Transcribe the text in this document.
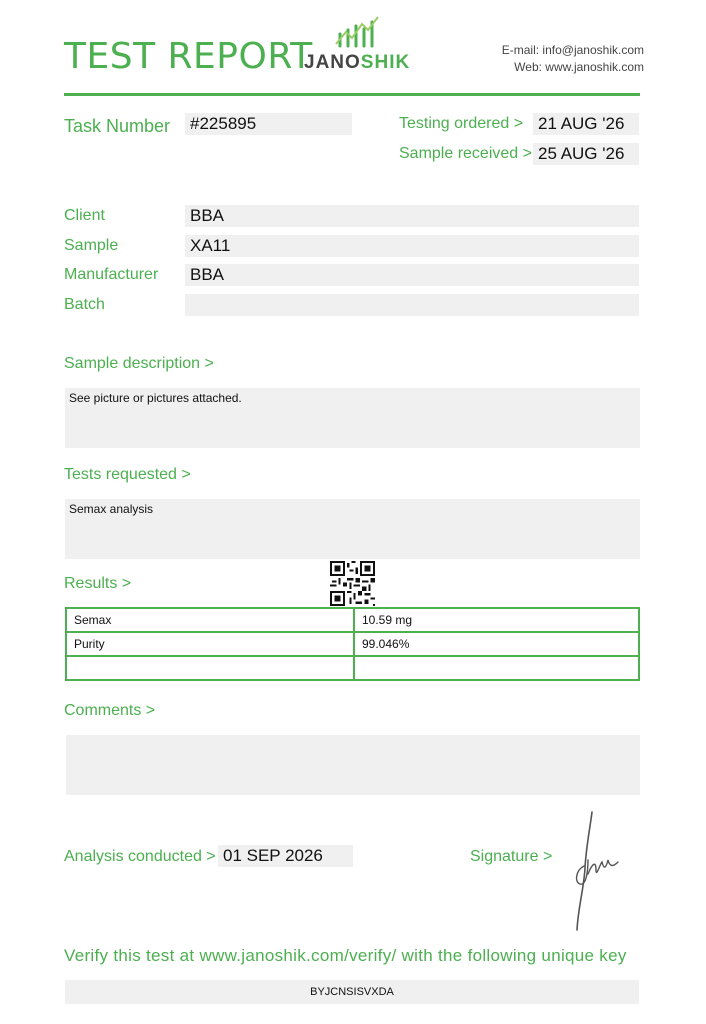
TEST REPORT
JANOSHIK
E-mail: info@janoshik.com
Web: www.janoshik.com
Task Number #225895	Testing ordered > 21 AUG '26
Sample received > 25 AUG '26
Client	BBA
Sample	XA11
Manufacturer BBA
Batch
Sample description >
See picture or pictures attached.
Tests requested >
Semax analysis
Results >
Semax	10.59 mg
Purity	99.046%

Comments >
Analysis conducted > 01 SEP 2026	Signature >
Verify this test at www.janoshik.com/verify/ with the following unique key
BYJCNSISVXDA
